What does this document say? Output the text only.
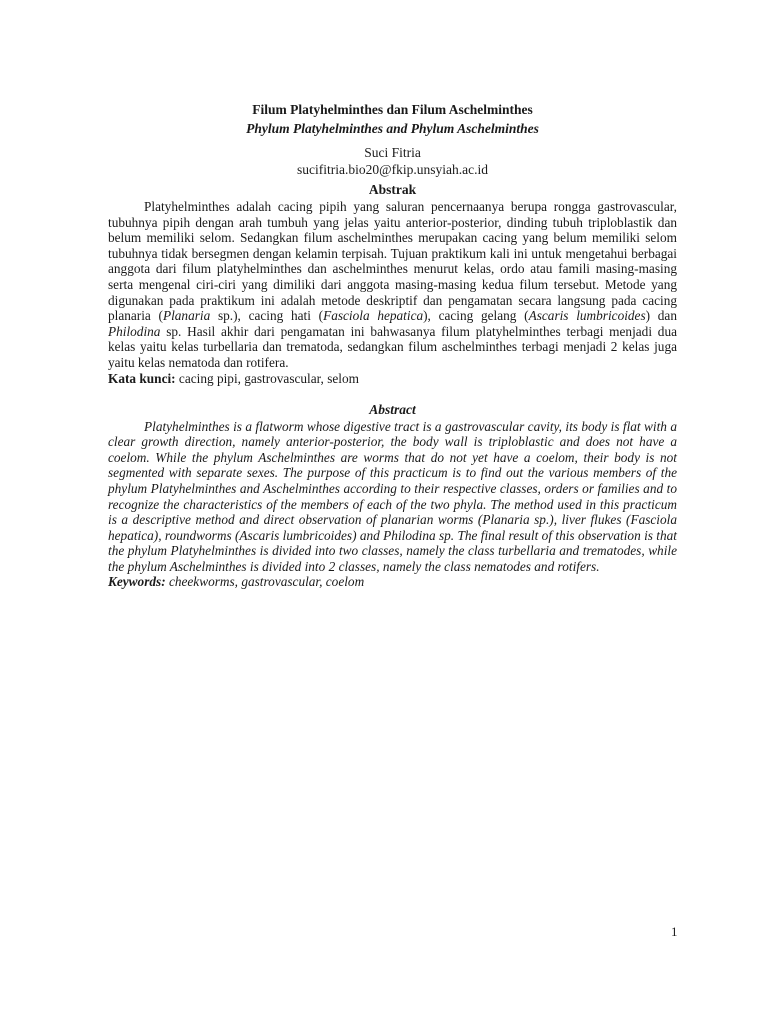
Filum Platyhelminthes dan Filum Aschelminthes

Phylum Platyhelminthes and Phylum Aschelminthes

Suci Fitria

sucifitria.bio20@fkip.unsyiah.ac.id

Abstrak

Platyhelminthes adalah cacing pipih yang saluran pencernaanya berupa rongga gastrovascular, tubuhnya pipih dengan arah tumbuh yang jelas yaitu anterior-posterior, dinding tubuh triploblastik dan belum memiliki selom. Sedangkan filum aschelminthes merupakan cacing yang belum memiliki selom tubuhnya tidak bersegmen dengan kelamin terpisah. Tujuan praktikum kali ini untuk mengetahui berbagai anggota dari filum platyhelminthes dan aschelminthes menurut kelas, ordo atau famili masing-masing serta mengenal ciri-ciri yang dimiliki dari anggota masing-masing kedua filum tersebut. Metode yang digunakan pada praktikum ini adalah metode deskriptif dan pengamatan secara langsung pada cacing planaria (Planaria sp.), cacing hati (Fasciola hepatica), cacing gelang (Ascaris lumbricoides) dan Philodina sp. Hasil akhir dari pengamatan ini bahwasanya filum platyhelminthes terbagi menjadi dua kelas yaitu kelas turbellaria dan trematoda, sedangkan filum aschelminthes terbagi menjadi 2 kelas juga yaitu kelas nematoda dan rotifera.

Kata kunci: cacing pipi, gastrovascular, selom

Abstract

Platyhelminthes is a flatworm whose digestive tract is a gastrovascular cavity, its body is flat with a clear growth direction, namely anterior-posterior, the body wall is triploblastic and does not have a coelom. While the phylum Aschelminthes are worms that do not yet have a coelom, their body is not segmented with separate sexes. The purpose of this practicum is to find out the various members of the phylum Platyhelminthes and Aschelminthes according to their respective classes, orders or families and to recognize the characteristics of the members of each of the two phyla. The method used in this practicum is a descriptive method and direct observation of planarian worms (Planaria sp.), liver flukes (Fasciola hepatica), roundworms (Ascaris lumbricoides) and Philodina sp. The final result of this observation is that the phylum Platyhelminthes is divided into two classes, namely the class turbellaria and trematodes, while the phylum Aschelminthes is divided into 2 classes, namely the class nematodes and rotifers.

Keywords: cheekworms, gastrovascular, coelom

1
